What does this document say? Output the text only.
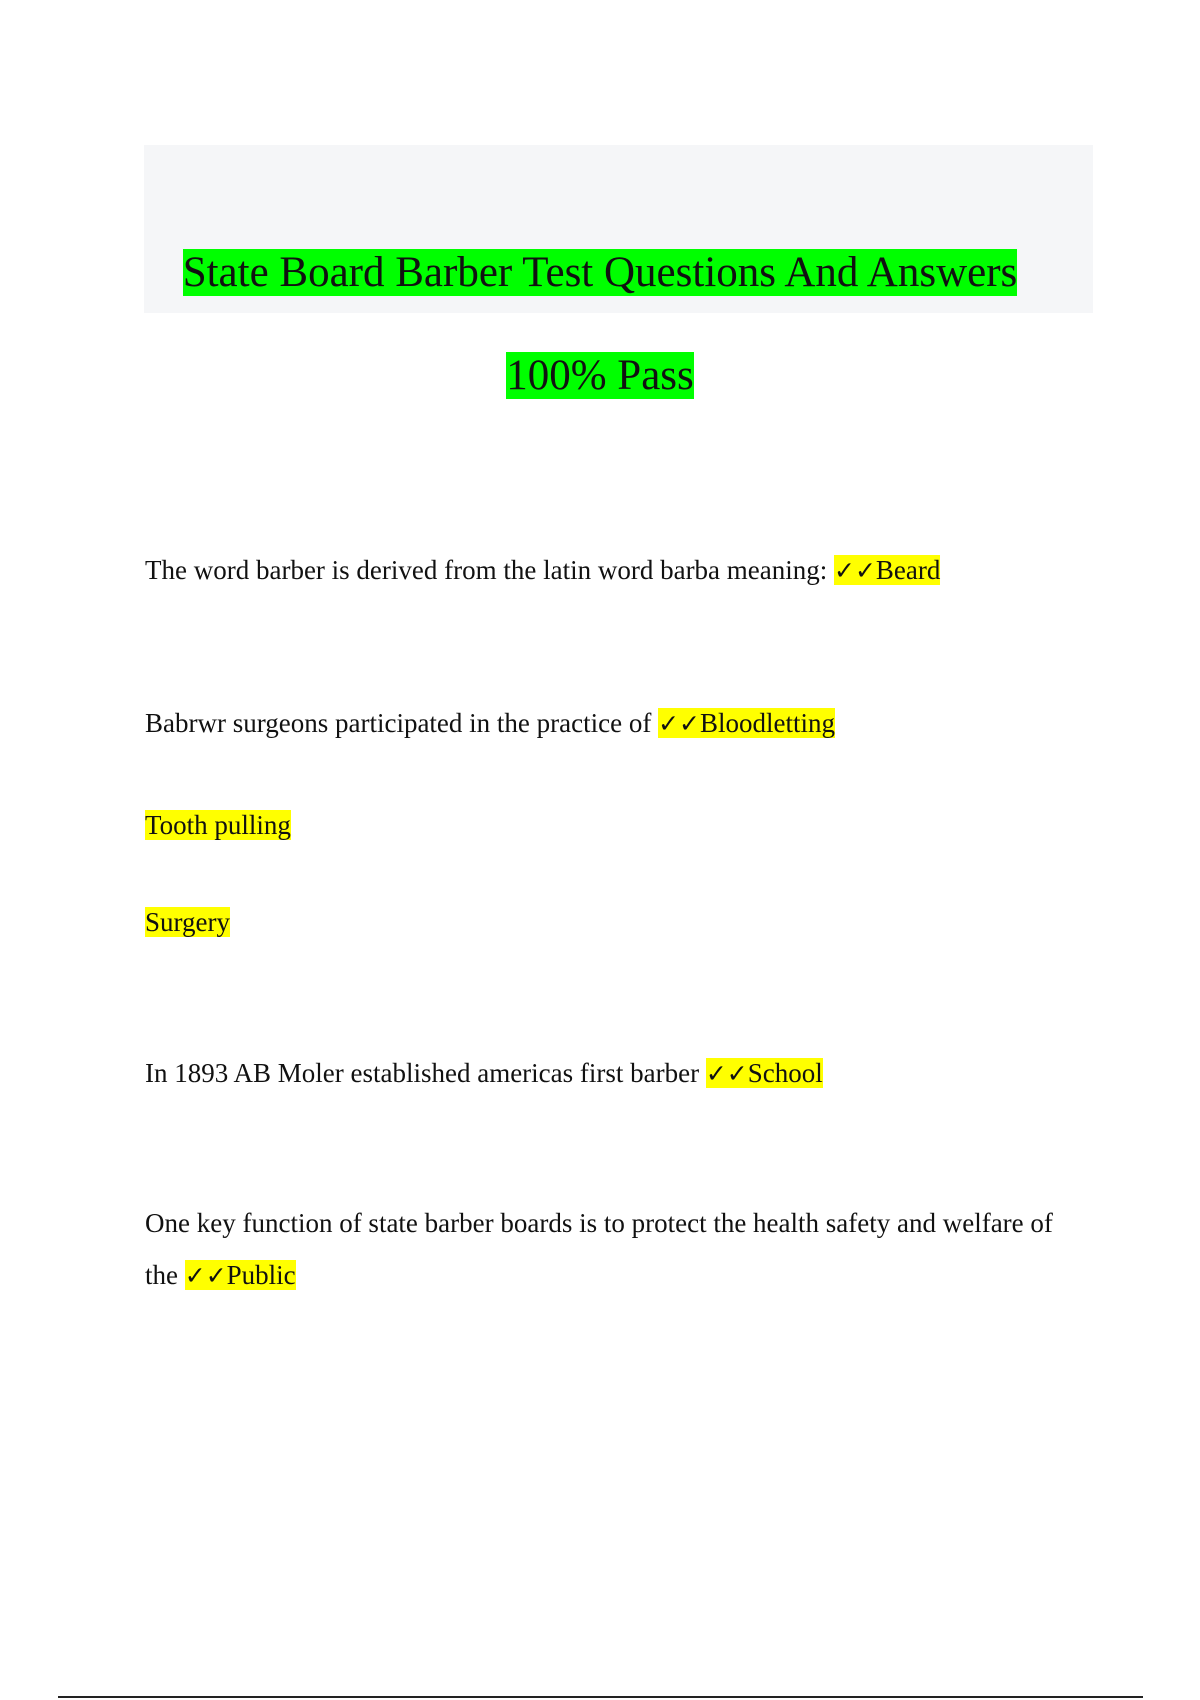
State Board Barber Test Questions And Answers
100% Pass

The word barber is derived from the latin word barba meaning: ✓✓Beard

Babrwr surgeons participated in the practice of ✓✓Bloodletting

Tooth pulling

Surgery

In 1893 AB Moler established americas first barber ✓✓School

One key function of state barber boards is to protect the health safety and welfare of the ✓✓Public
